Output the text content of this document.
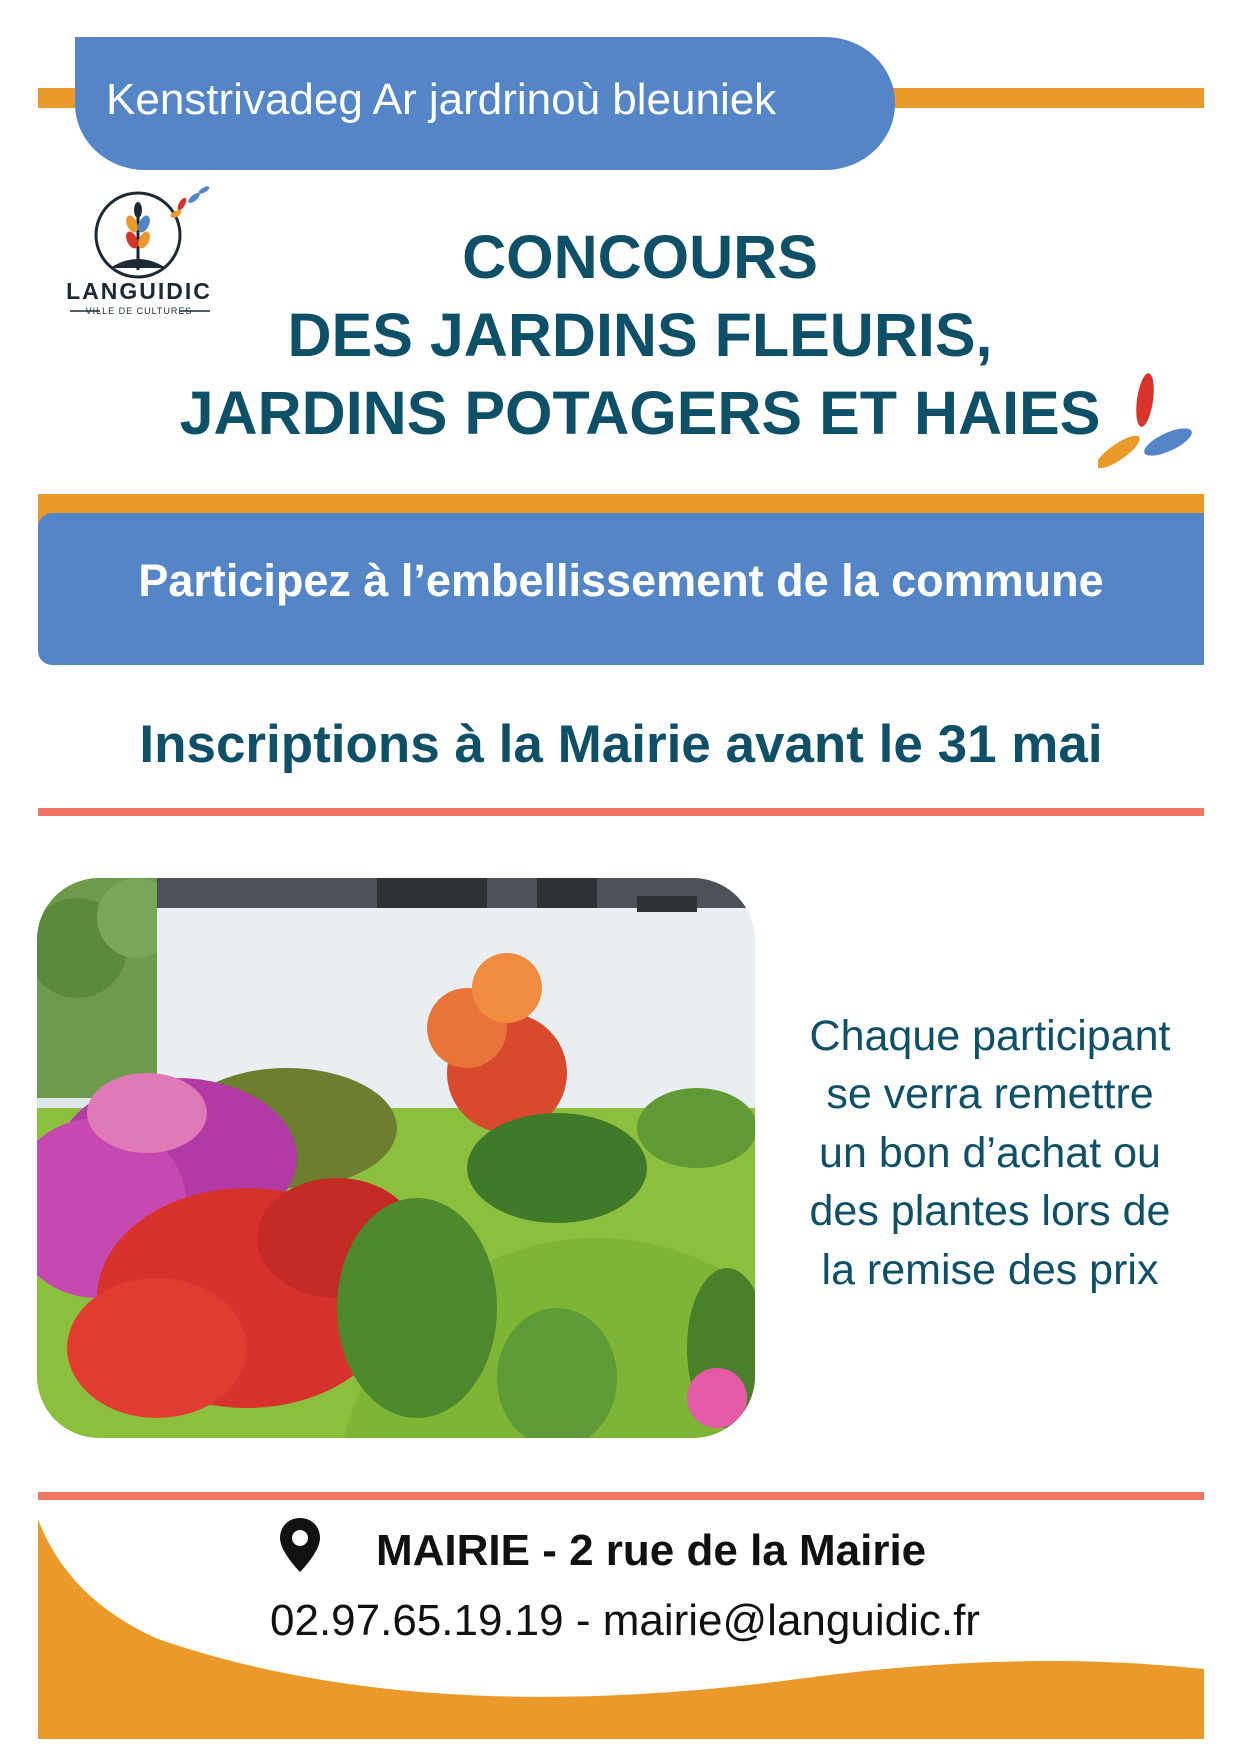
Kenstrivadeg Ar jardrinoù bleuniek
LANGUIDIC
VILLE DE CULTURES
CONCOURS
DES JARDINS FLEURIS,
JARDINS POTAGERS ET HAIES
Participez à l’embellissement de la commune
Inscriptions à la Mairie avant le 31 mai
Chaque participant
se verra remettre
un bon d’achat ou
des plantes lors de
la remise des prix
MAIRIE - 2 rue de la Mairie
02.97.65.19.19 - mairie@languidic.fr
